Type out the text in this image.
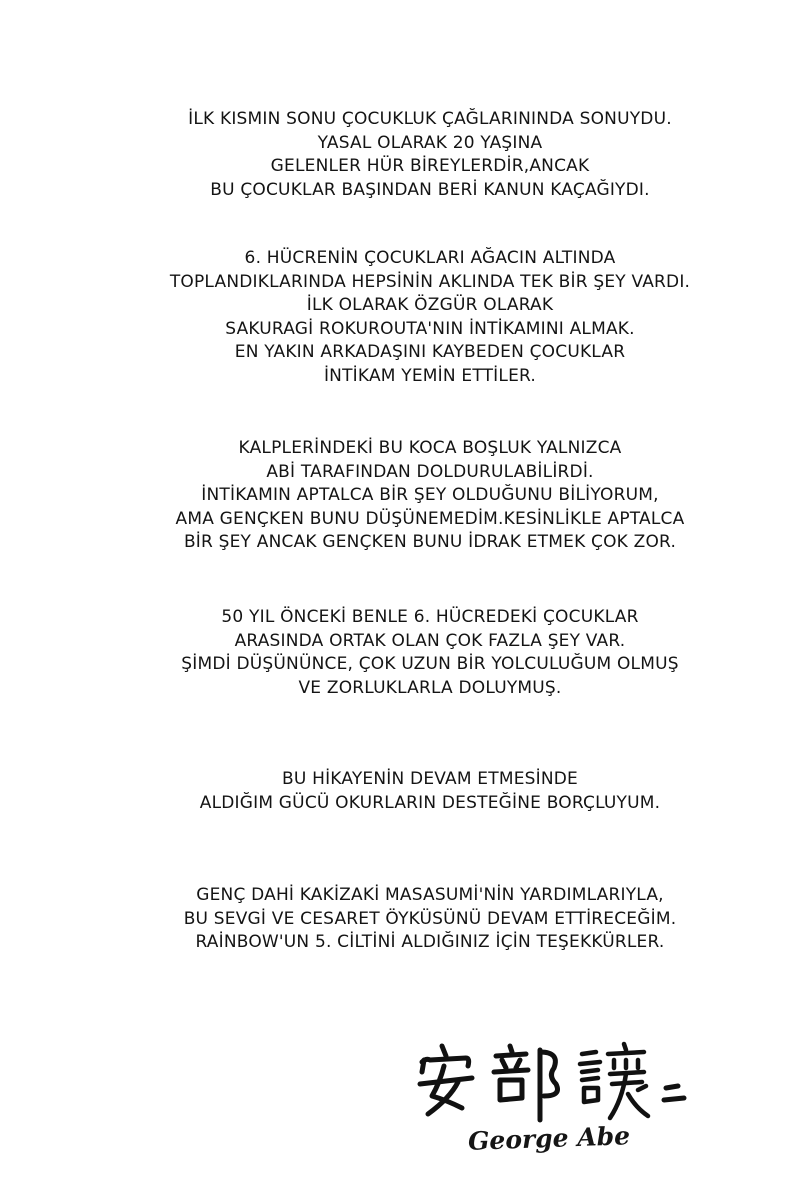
İLK KISMIN SONU ÇOCUKLUK ÇAĞLARININDA SONUYDU.
YASAL OLARAK 20 YAŞINA
GELENLER HÜR BİREYLERDİR,ANCAK
BU ÇOCUKLAR BAŞINDAN BERİ KANUN KAÇAĞIYDI.
6. HÜCRENİN ÇOCUKLARI AĞACIN ALTINDA
TOPLANDIKLARINDA HEPSİNİN AKLINDA TEK BİR ŞEY VARDI.
İLK OLARAK ÖZGÜR OLARAK
SAKURAGİ ROKUROUTA'NIN İNTİKAMINI ALMAK.
EN YAKIN ARKADAŞINI KAYBEDEN ÇOCUKLAR
İNTİKAM YEMİN ETTİLER.
KALPLERİNDEKİ BU KOCA BOŞLUK YALNIZCA
ABİ TARAFINDAN DOLDURULABİLİRDİ.
İNTİKAMIN APTALCA BİR ŞEY OLDUĞUNU BİLİYORUM,
AMA GENÇKEN BUNU DÜŞÜNEMEDİM.KESİNLİKLE APTALCA
BİR ŞEY ANCAK GENÇKEN BUNU İDRAK ETMEK ÇOK ZOR.
50 YIL ÖNCEKİ BENLE 6. HÜCREDEKİ ÇOCUKLAR
ARASINDA ORTAK OLAN ÇOK FAZLA ŞEY VAR.
ŞİMDİ DÜŞÜNÜNCE, ÇOK UZUN BİR YOLCULUĞUM OLMUŞ
VE ZORLUKLARLA DOLUYMUŞ.
BU HİKAYENİN DEVAM ETMESİNDE
ALDIĞIM GÜCÜ OKURLARIN DESTEĞİNE BORÇLUYUM.
GENÇ DAHİ KAKİZAKİ MASASUMİ'NİN YARDIMLARIYLA,
BU SEVGİ VE CESARET ÖYKÜSÜNÜ DEVAM ETTİRECEĞİM.
RAİNBOW'UN 5. CİLTİNİ ALDIĞINIZ İÇİN TEŞEKKÜRLER.
George Abe
